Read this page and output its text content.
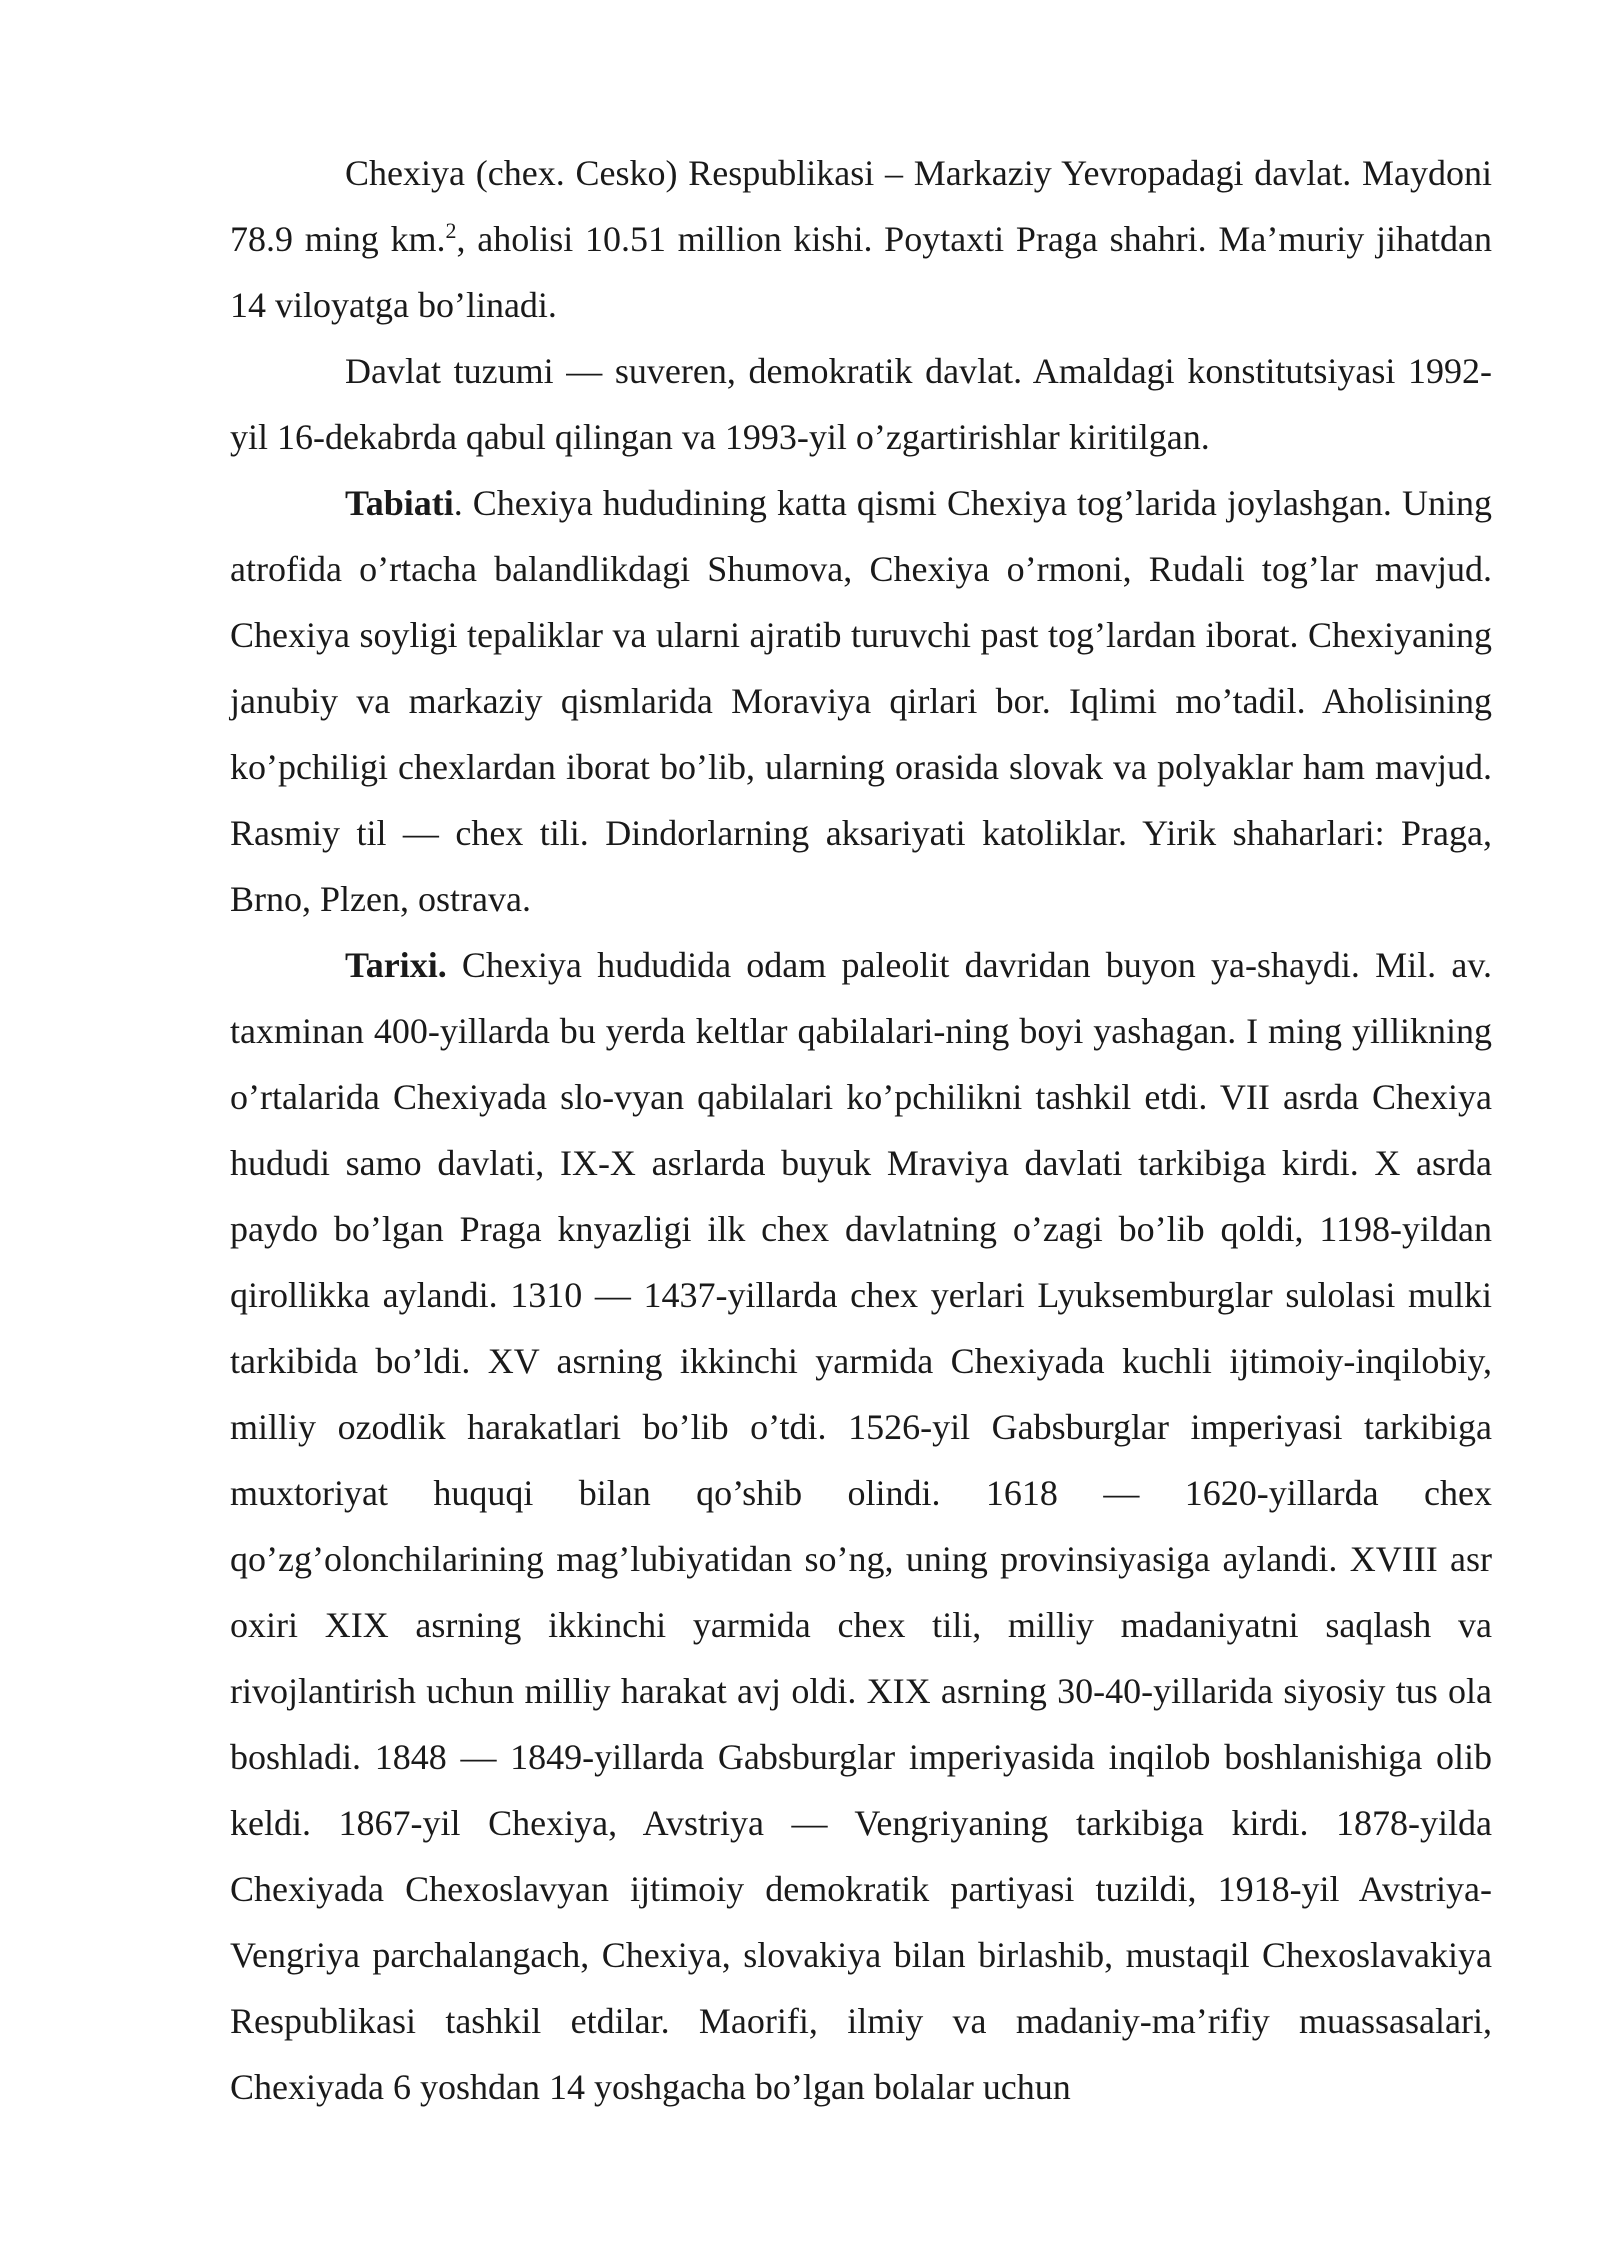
Chexiya (chex. Cesko) Respublikasi – Markaziy Yevropadagi davlat. Maydoni 78.9 ming km.$^2$, aholisi 10.51 million kishi. Poytaxti Praga shahri. Ma’muriy jihatdan 14 viloyatga bo’linadi.

Davlat tuzumi — suveren, demokratik davlat. Amaldagi konstitutsiyasi 1992-yil 16-dekabrda qabul qilingan va 1993-yil o’zgartirishlar kiritilgan.

Tabiati. Chexiya hududining katta qismi Chexiya tog’larida joylashgan. Uning atrofida o’rtacha balandlikdagi Shumova, Chexiya o’rmoni, Rudali tog’lar mavjud. Chexiya soyligi tepaliklar va ularni ajratib turuvchi past tog’lardan iborat. Chexiyaning janubiy va markaziy qismlarida Moraviya qirlari bor. Iqlimi mo’tadil. Aholisining ko’pchiligi chexlardan iborat bo’lib, ularning orasida slovak va polyaklar ham mavjud. Rasmiy til — chex tili. Dindorlarning aksariyati katoliklar. Yirik shaharlari: Praga, Brno, Plzen, ostrava.

Tarixi. Chexiya hududida odam paleolit davridan buyon ya-shaydi. Mil. av. taxminan 400-yillarda bu yerda keltlar qabilalari-ning boyi yashagan. I ming yillikning o’rtalarida Chexiyada slo-vyan qabilalari ko’pchilikni tashkil etdi. VII asrda Chexiya hududi samo davlati, IX-X asrlarda buyuk Mraviya davlati tarkibiga kirdi. X asrda paydo bo’lgan Praga knyazligi ilk chex davlatning o’zagi bo’lib qoldi, 1198-yildan qirollikka aylandi. 1310 — 1437-yillarda chex yerlari Lyuksemburglar sulolasi mulki tarkibida bo’ldi. XV asrning ikkinchi yarmida Chexiyada kuchli ijtimoiy-inqilobiy, milliy ozodlik harakatlari bo’lib o’tdi. 1526-yil Gabsburglar imperiyasi tarkibiga muxtoriyat huquqi bilan qo’shib olindi. 1618 — 1620-yillarda chex qo’zg’olonchilarining mag’lubiyatidan so’ng, uning provinsiyasiga aylandi. XVIII asr oxiri XIX asrning ikkinchi yarmida chex tili, milliy madaniyatni saqlash va rivojlantirish uchun milliy harakat avj oldi. XIX asrning 30-40-yillarida siyosiy tus ola boshladi. 1848 — 1849-yillarda Gabsburglar imperiyasida inqilob boshlanishiga olib keldi. 1867-yil Chexiya, Avstriya — Vengriyaning tarkibiga kirdi. 1878-yilda Chexiyada Chexoslavyan ijtimoiy demokratik partiyasi tuzildi, 1918-yil Avstriya-Vengriya parchalangach, Chexiya, slovakiya bilan birlashib, mustaqil Chexoslavakiya Respublikasi tashkil etdilar. Maorifi, ilmiy va madaniy-ma’rifiy muassasalari, Chexiyada 6 yoshdan 14 yoshgacha bo’lgan bolalar uchun
